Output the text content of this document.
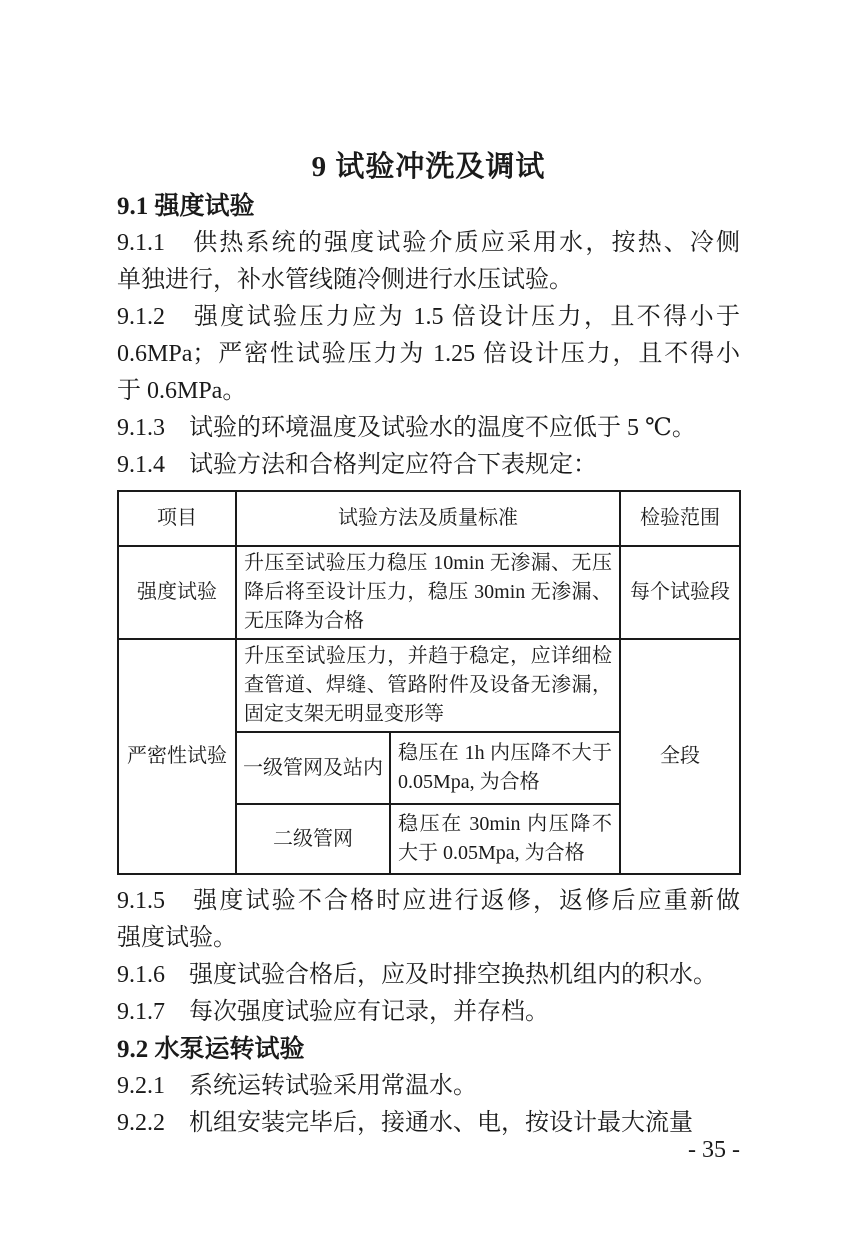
9 试验冲洗及调试
9.1 强度试验
9.1.1　供热系统的强度试验介质应采用水，按热、冷侧
单独进行，补水管线随冷侧进行水压试验。
9.1.2　强度试验压力应为 1.5 倍设计压力，且不得小于
0.6MPa；严密性试验压力为 1.25 倍设计压力，且不得小
于 0.6MPa。
9.1.3　试验的环境温度及试验水的温度不应低于 5 ℃。
9.1.4　试验方法和合格判定应符合下表规定：
项目	试验方法及质量标准		检验范围
强度试验	升压至试验压力稳压 10min 无渗漏、无压降后将至设计压力，稳压 30min 无渗漏、无压降为合格		每个试验段
严密性试验	升压至试验压力，并趋于稳定，应详细检查管道、焊缝、管路附件及设备无渗漏，固定支架无明显变形等		全段
	一级管网及站内	稳压在 1h 内压降不大于 0.05Mpa, 为合格	
	二级管网	稳压在 30min 内压降不大于 0.05Mpa, 为合格	
9.1.5　强度试验不合格时应进行返修，返修后应重新做
强度试验。
9.1.6　强度试验合格后，应及时排空换热机组内的积水。
9.1.7　每次强度试验应有记录，并存档。
9.2 水泵运转试验
9.2.1　系统运转试验采用常温水。
9.2.2　机组安装完毕后，接通水、电，按设计最大流量
- 35 -
